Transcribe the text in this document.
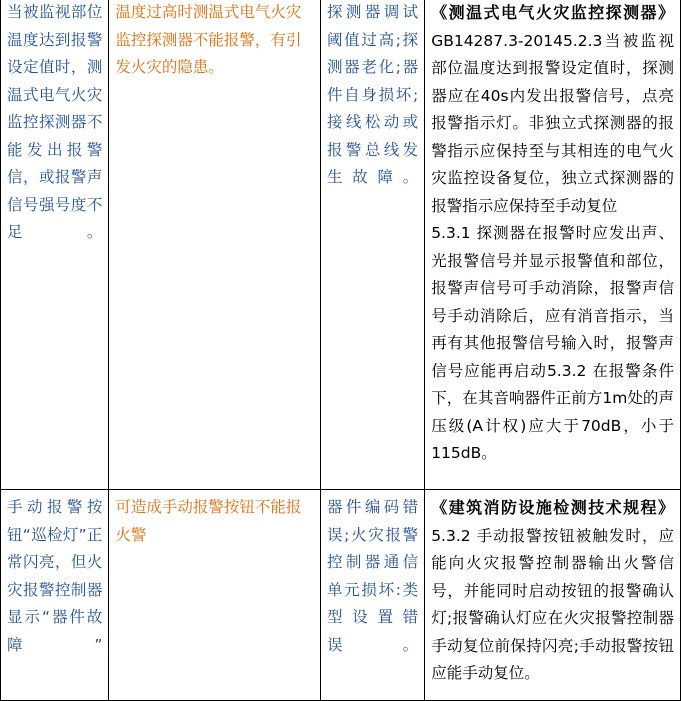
当被监视部位温度达到报警设定值时，测温式电气火灾监控探测器不能发出报警信，或报警声信号强号度不足。	温度过高时测温式电气火灾监控探测器不能报警，有引发火灾的隐患。	探测器调试阈值过高;探测器老化;器件自身损坏;接线松动或报警总线发生故障。	《测温式电气火灾监控探测器》GB14287.3-20145.2.3当被监视部位温度达到报警设定值时，探测器应在40s内发出报警信号，点亮报警指示灯。非独立式探测器的报警指示应保持至与其相连的电气火灾监控设备复位，独立式探测器的报警指示应保持至手动复位
5.3.1 探测器在报警时应发出声、光报警信号并显示报警值和部位，报警声信号可手动消除，报警声信号手动消除后，应有消音指示，当再有其他报警信号输入时，报警声信号应能再启动5.3.2 在报警条件下，在其音响器件正前方1m处的声压级(A计权)应大于70dB，小于115dB。

手动报警按钮“巡检灯”正常闪亮，但火灾报警控制器显示“器件故障”	可造成手动报警按钮不能报火警	器件编码错误;火灾报警控制器通信单元损坏:类型设置错误。	《建筑消防设施检测技术规程》5.3.2 手动报警按钮被触发时，应能向火灾报警控制器输出火警信号，并能同时启动按钮的报警确认灯;报警确认灯应在火灾报警控制器手动复位前保持闪亮;手动报警按钮应能手动复位。
